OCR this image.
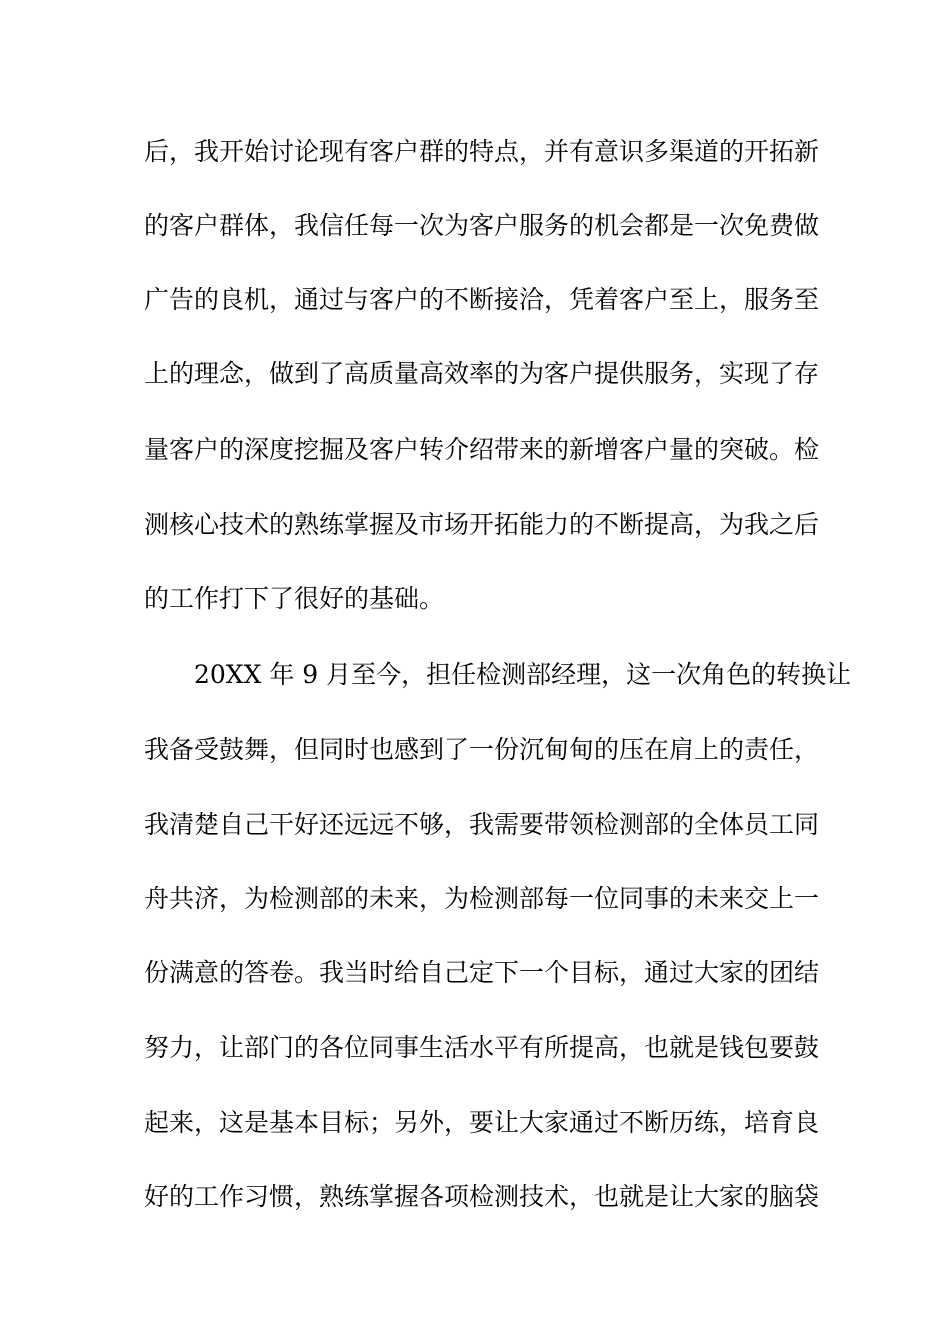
后，我开始讨论现有客户群的特点，并有意识多渠道的开拓新
的客户群体，我信任每一次为客户服务的机会都是一次免费做
广告的良机，通过与客户的不断接洽，凭着客户至上，服务至
上的理念，做到了高质量高效率的为客户提供服务，实现了存
量客户的深度挖掘及客户转介绍带来的新增客户量的突破。检
测核心技术的熟练掌握及市场开拓能力的不断提高，为我之后
的工作打下了很好的基础。
20XX 年 9 月至今，担任检测部经理，这一次角色的转换让
我备受鼓舞，但同时也感到了一份沉甸甸的压在肩上的责任，
我清楚自己干好还远远不够，我需要带领检测部的全体员工同
舟共济，为检测部的未来，为检测部每一位同事的未来交上一
份满意的答卷。我当时给自己定下一个目标，通过大家的团结
努力，让部门的各位同事生活水平有所提高，也就是钱包要鼓
起来，这是基本目标；另外，要让大家通过不断历练，培育良
好的工作习惯，熟练掌握各项检测技术，也就是让大家的脑袋
